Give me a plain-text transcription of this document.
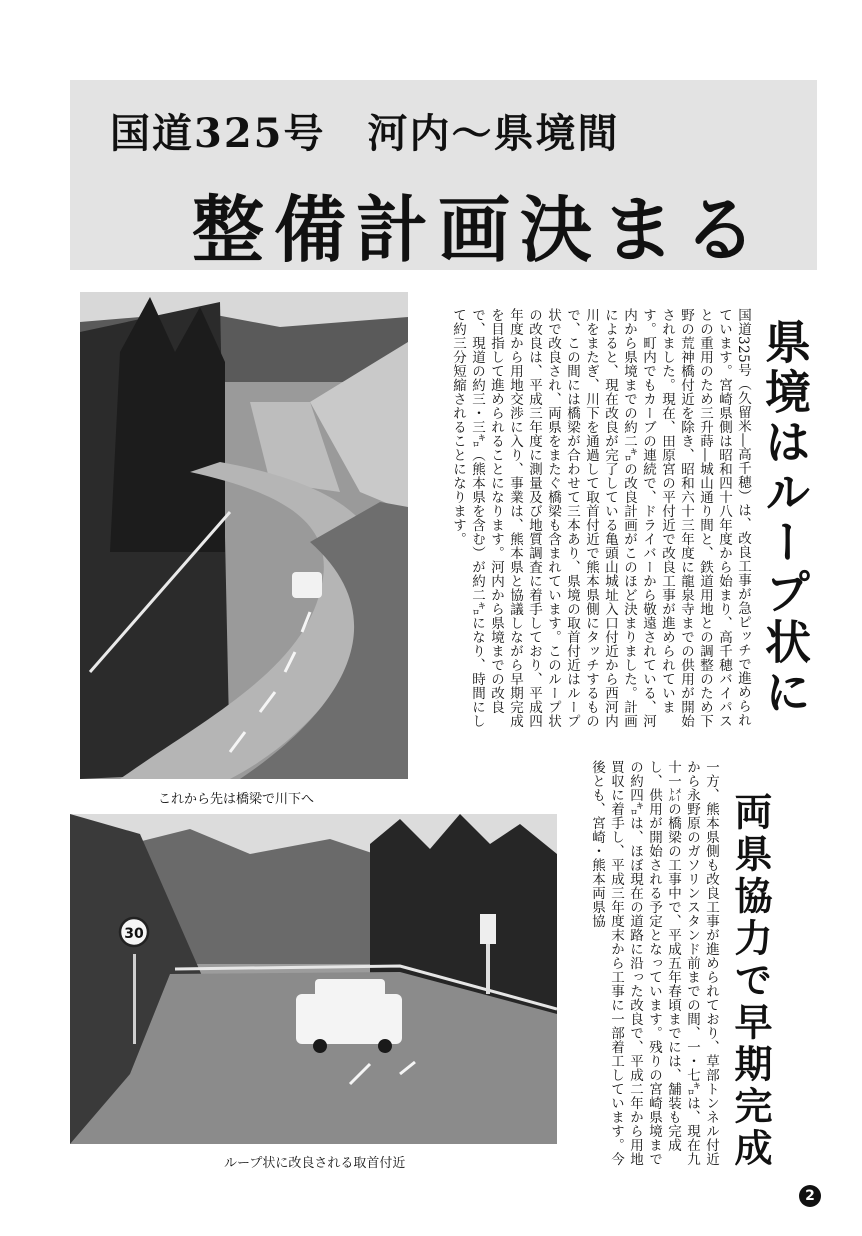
国道325号　河内〜県境間
整備計画決まる
これから先は橋梁で川下へ
30
ループ状に改良される取首付近
県境はループ状に
国道325号（久留米―高千穂）は、改良工事が急ピッチで進められています。宮崎県側は昭和四十八年度から始まり、高千穂バイパスとの重用のため三升蒔―城山通り間と、鉄道用地との調整のため下野の荒神橋付近を除き、昭和六十三年度に龍泉寺までの供用が開始されました。現在、田原宮の平付近で改良工事が進められています。町内でもカーブの連続で、ドライバーから敬遠されている、河内から県境までの約二㌔の改良計画がこのほど決まりました。計画によると、現在改良が完了している亀頭山城址入口付近から西河内川をまたぎ、川下を通過して取首付近で熊本県側にタッチするもので、この間には橋梁が合わせて三本あり、県境の取首付近はループ状で改良され、両県をまたぐ橋梁も含まれています。このループ状の改良は、平成三年度に測量及び地質調査に着手しており、平成四年度から用地交渉に入り、事業は、熊本県と協議しながら早期完成を目指して進められることになります。河内から県境までの改良で、現道の約三・三㌔（熊本県を含む）が約二㌔になり、時間にして約三分短縮されることになります。
両県協力で早期完成
一方、熊本県側も改良工事が進められており、草部トンネル付近から永野原のガソリンスタンド前までの間、一・七㌔は、現在九十一㍍の橋梁の工事中で、平成五年春頃までには、舗装も完成し、供用が開始される予定となっています。残りの宮崎県境までの約四㌔は、ほぼ現在の道路に沿った改良で、平成二年から用地買収に着手し、平成三年度末から工事に一部着工しています。今後とも、宮崎・熊本両県協
2
